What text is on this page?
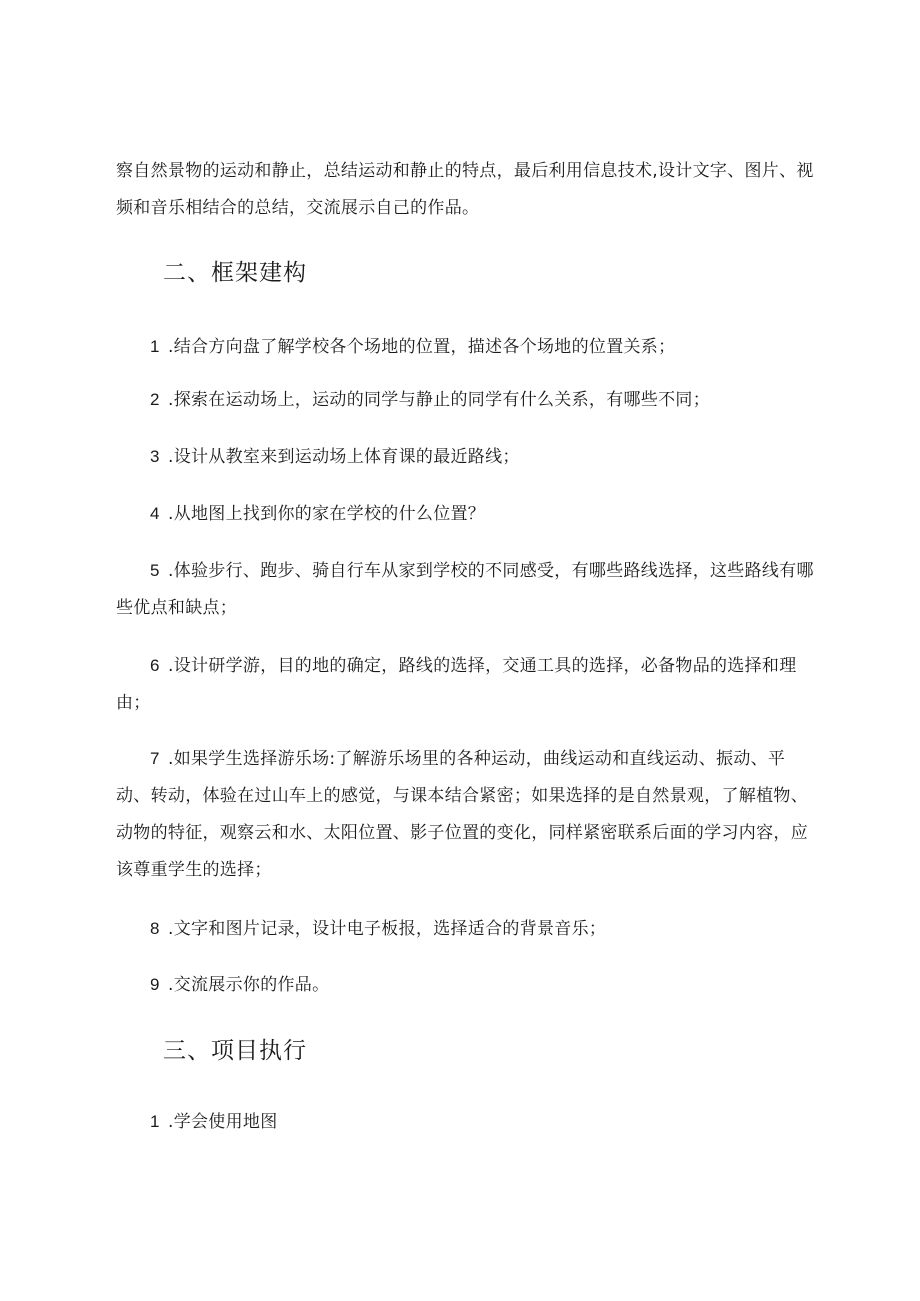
察自然景物的运动和静止，总结运动和静止的特点，最后利用信息技术,设计文字、图片、视频和音乐相结合的总结，交流展示自己的作品。
二、框架建构
1 .结合方向盘了解学校各个场地的位置，描述各个场地的位置关系；
2 .探索在运动场上，运动的同学与静止的同学有什么关系，有哪些不同；
3 .设计从教室来到运动场上体育课的最近路线；
4 .从地图上找到你的家在学校的什么位置？
5 .体验步行、跑步、骑自行车从家到学校的不同感受，有哪些路线选择，这些路线有哪些优点和缺点；
6 .设计研学游，目的地的确定，路线的选择，交通工具的选择，必备物品的选择和理由；
7 .如果学生选择游乐场:了解游乐场里的各种运动，曲线运动和直线运动、振动、平动、转动，体验在过山车上的感觉，与课本结合紧密；如果选择的是自然景观，了解植物、动物的特征，观察云和水、太阳位置、影子位置的变化，同样紧密联系后面的学习内容，应该尊重学生的选择；
8 .文字和图片记录，设计电子板报，选择适合的背景音乐；
9 .交流展示你的作品。
三、项目执行
1 .学会使用地图
